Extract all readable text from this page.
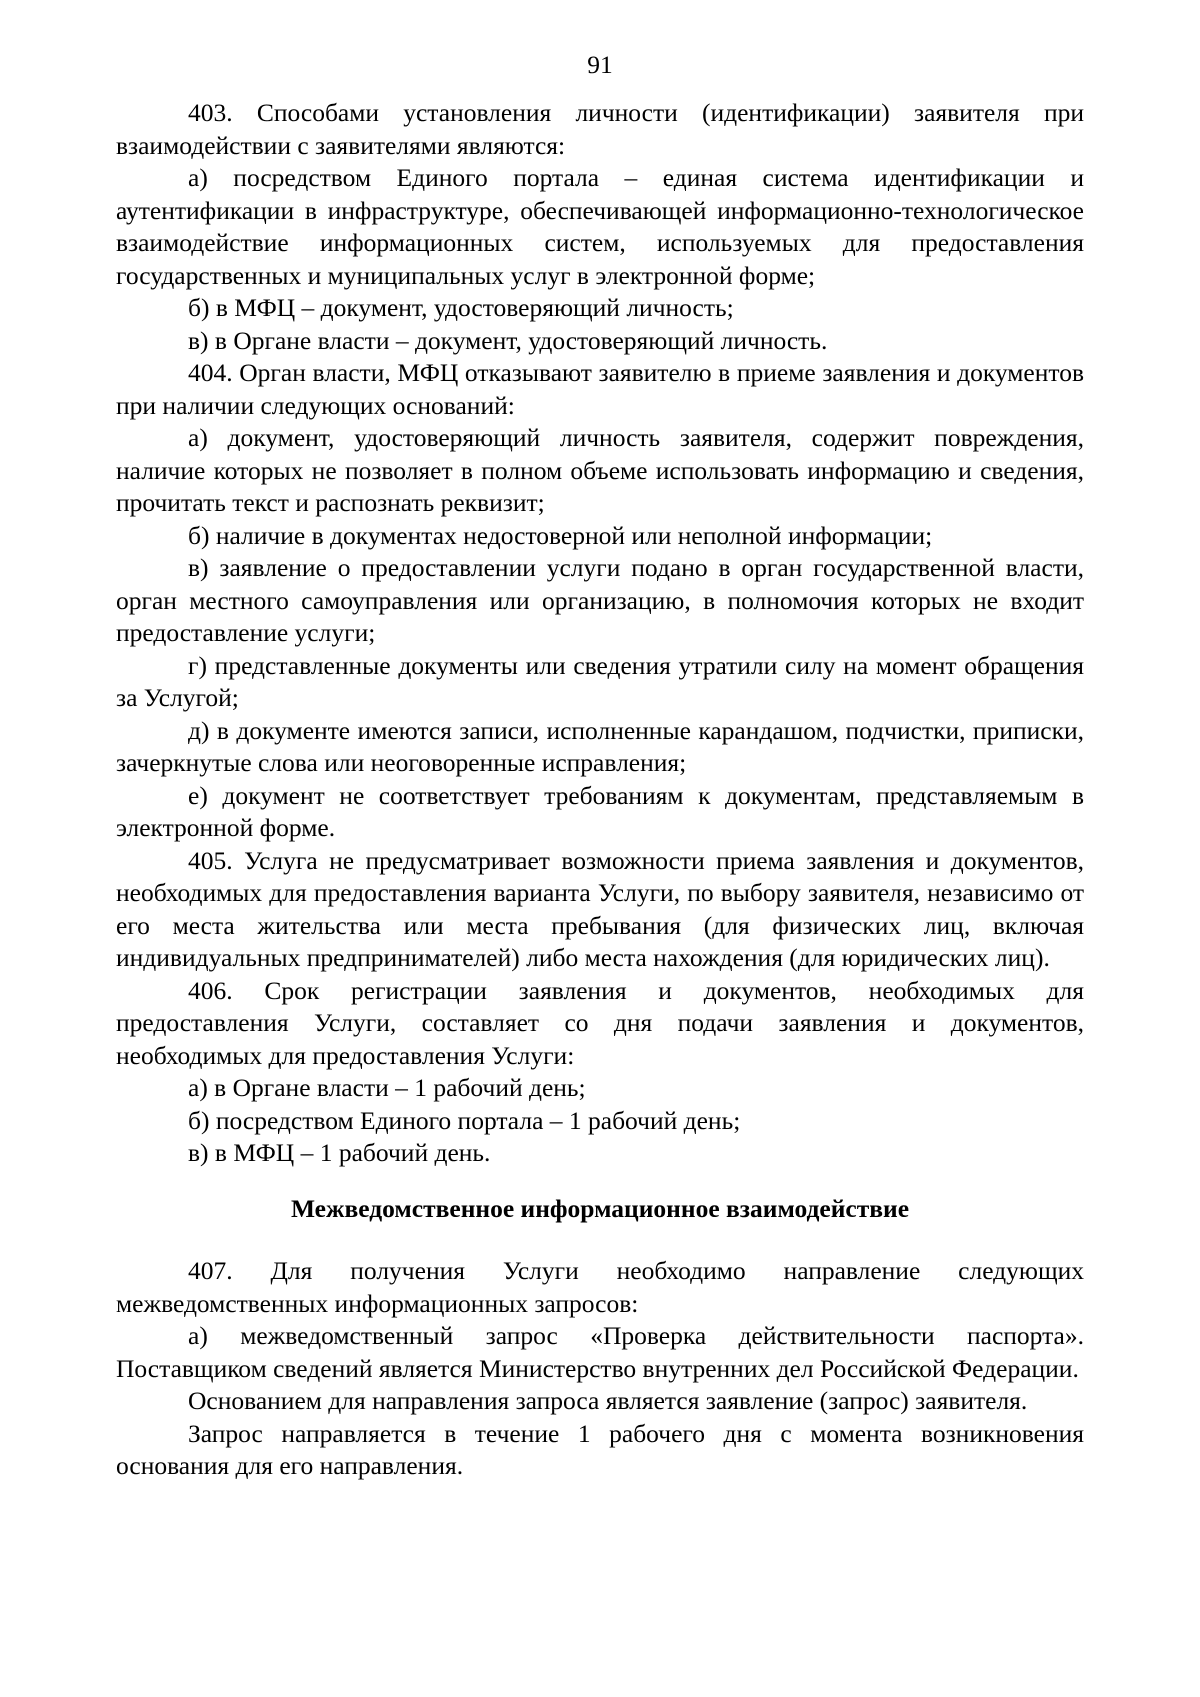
91

403. Способами установления личности (идентификации) заявителя при взаимодействии с заявителями являются:

а) посредством Единого портала – единая система идентификации и аутентификации в инфраструктуре, обеспечивающей информационно-технологическое взаимодействие информационных систем, используемых для предоставления государственных и муниципальных услуг в электронной форме;

б) в МФЦ – документ, удостоверяющий личность;

в) в Органе власти – документ, удостоверяющий личность.

404. Орган власти, МФЦ отказывают заявителю в приеме заявления и документов при наличии следующих оснований:

а) документ, удостоверяющий личность заявителя, содержит повреждения, наличие которых не позволяет в полном объеме использовать информацию и сведения, прочитать текст и распознать реквизит;

б) наличие в документах недостоверной или неполной информации;

в) заявление о предоставлении услуги подано в орган государственной власти, орган местного самоуправления или организацию, в полномочия которых не входит предоставление услуги;

г) представленные документы или сведения утратили силу на момент обращения за Услугой;

д) в документе имеются записи, исполненные карандашом, подчистки, приписки, зачеркнутые слова или неоговоренные исправления;

е) документ не соответствует требованиям к документам, представляемым в электронной форме.

405. Услуга не предусматривает возможности приема заявления и документов, необходимых для предоставления варианта Услуги, по выбору заявителя, независимо от его места жительства или места пребывания (для физических лиц, включая индивидуальных предпринимателей) либо места нахождения (для юридических лиц).

406. Срок регистрации заявления и документов, необходимых для предоставления Услуги, составляет со дня подачи заявления и документов, необходимых для предоставления Услуги:

а) в Органе власти – 1 рабочий день;

б) посредством Единого портала – 1 рабочий день;

в) в МФЦ – 1 рабочий день.

Межведомственное информационное взаимодействие

407. Для получения Услуги необходимо направление следующих межведомственных информационных запросов:

а) межведомственный запрос «Проверка действительности паспорта». Поставщиком сведений является Министерство внутренних дел Российской Федерации.

Основанием для направления запроса является заявление (запрос) заявителя.

Запрос направляется в течение 1 рабочего дня с момента возникновения основания для его направления.
